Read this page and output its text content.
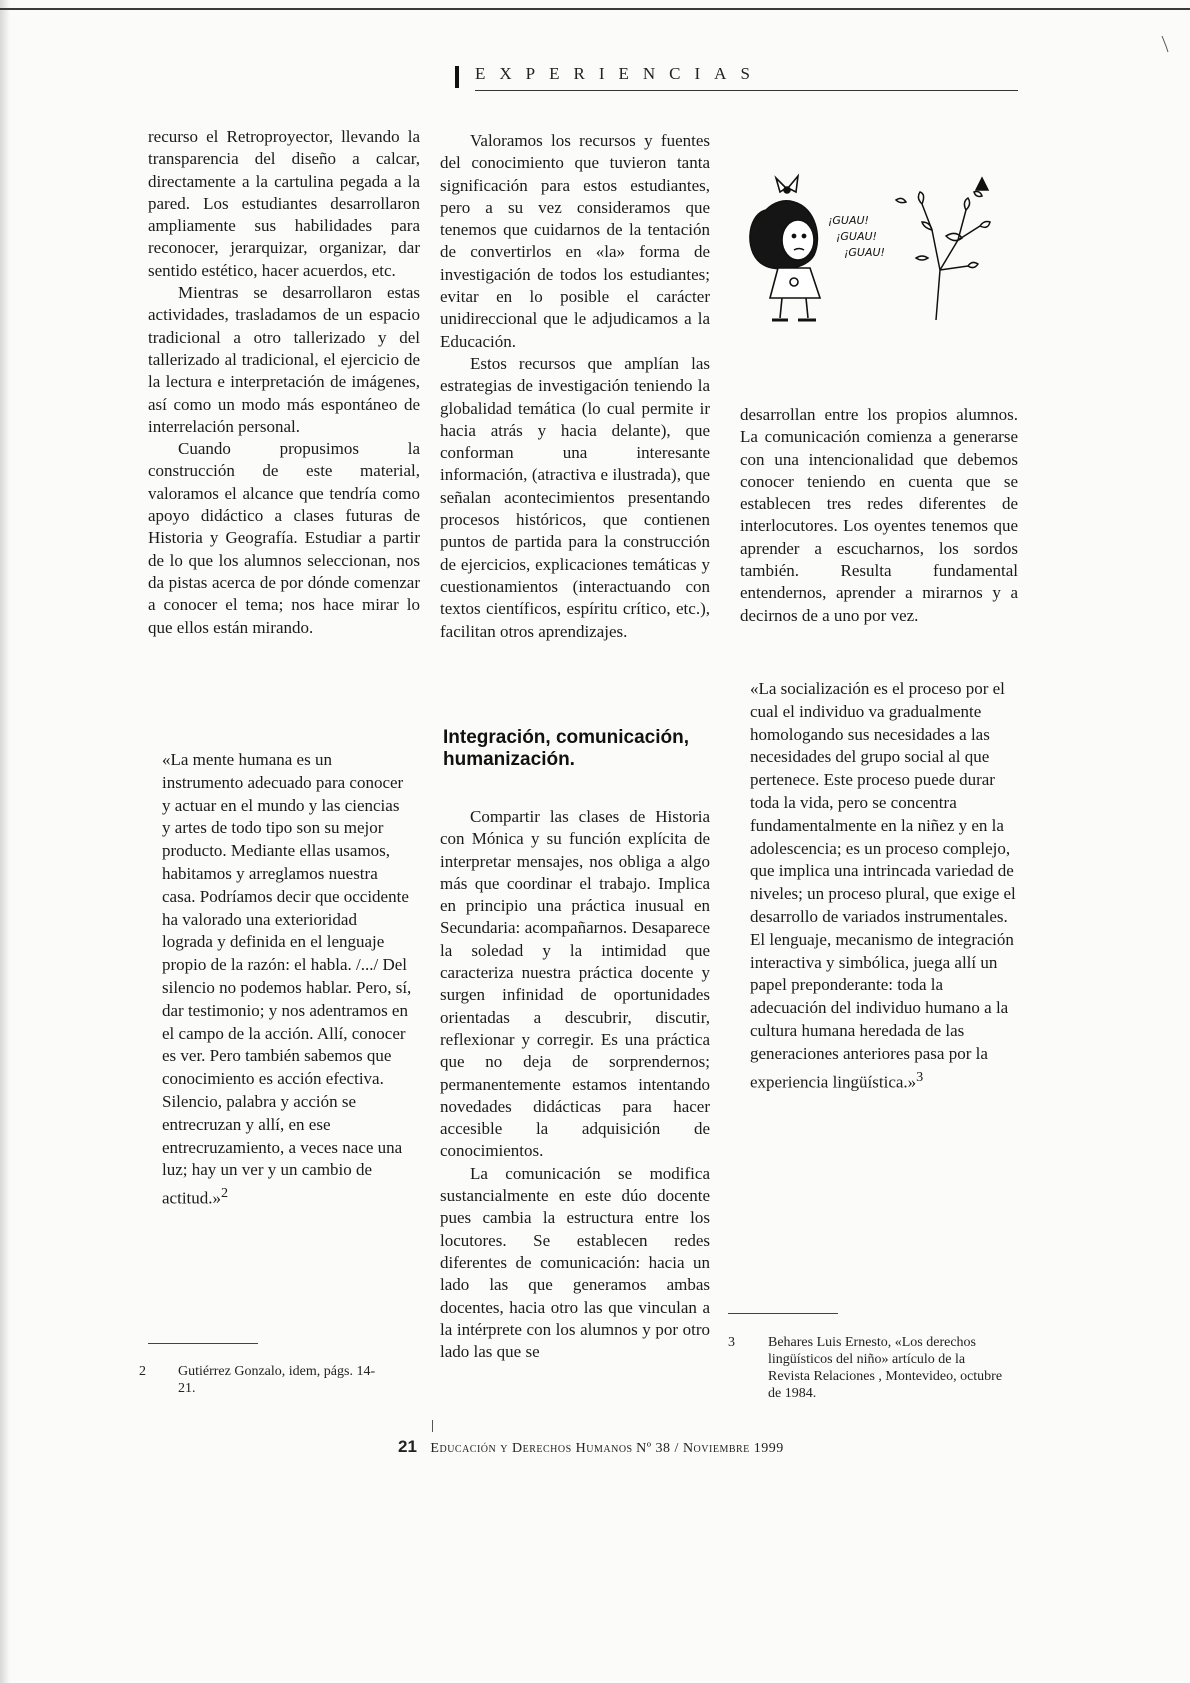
EXPERIENCIAS

recurso el Retroproyector, llevando la transparencia del diseño a calcar, directamente a la cartulina pegada a la pared. Los estudiantes desarrollaron ampliamente sus habilidades para reconocer, jerarquizar, organizar, dar sentido estético, hacer acuerdos, etc.

Mientras se desarrollaron estas actividades, trasladamos de un espacio tradicional a otro tallerizado y del tallerizado al tradicional, el ejercicio de la lectura e interpretación de imágenes, así como un modo más espontáneo de interrelación personal.

Cuando propusimos la construcción de este material, valoramos el alcance que tendría como apoyo didáctico a clases futuras de Historia y Geografía. Estudiar a partir de lo que los alumnos seleccionan, nos da pistas acerca de por dónde comenzar a conocer el tema; nos hace mirar lo que ellos están mirando.

«La mente humana es un instrumento adecuado para conocer y actuar en el mundo y las ciencias y artes de todo tipo son su mejor producto. Mediante ellas usamos, habitamos y arreglamos nuestra casa. Podríamos decir que occidente ha valorado una exterioridad lograda y definida en el lenguaje propio de la razón: el habla. /.../ Del silencio no podemos hablar. Pero, sí, dar testimonio; y nos adentramos en el campo de la acción. Allí, conocer es ver. Pero también sabemos que conocimiento es acción efectiva. Silencio, palabra y acción se entrecruzan y allí, en ese entrecruzamiento, a veces nace una luz; hay un ver y un cambio de actitud.»$^2$

Valoramos los recursos y fuentes del conocimiento que tuvieron tanta significación para estos estudiantes, pero a su vez consideramos que tenemos que cuidarnos de la tentación de convertirlos en «la» forma de investigación de todos los estudiantes; evitar en lo posible el carácter unidireccional que le adjudicamos a la Educación.

Estos recursos que amplían las estrategias de investigación teniendo la globalidad temática (lo cual permite ir hacia atrás y hacia delante), que conforman una interesante información, (atractiva e ilustrada), que señalan acontecimientos presentando procesos históricos, que contienen puntos de partida para la construcción de ejercicios, explicaciones temáticas y cuestionamientos (interactuando con textos científicos, espíritu crítico, etc.), facilitan otros aprendizajes.

Integración, comunicación, humanización.

Compartir las clases de Historia con Mónica y su función explícita de interpretar mensajes, nos obliga a algo más que coordinar el trabajo. Implica en principio una práctica inusual en Secundaria: acompañarnos. Desaparece la soledad y la intimidad que caracteriza nuestra práctica docente y surgen infinidad de oportunidades orientadas a descubrir, discutir, reflexionar y corregir. Es una práctica que no deja de sorprendernos; permanentemente estamos intentando novedades didácticas para hacer accesible la adquisición de conocimientos.

La comunicación se modifica sustancialmente en este dúo docente pues cambia la estructura entre los locutores. Se establecen redes diferentes de comunicación: hacia un lado las que generamos ambas docentes, hacia otro las que vinculan a la intérprete con los alumnos y por otro lado las que se

¡GUAU!
¡GUAU!
¡GUAU!

desarrollan entre los propios alumnos. La comunicación comienza a generarse con una intencionalidad que debemos conocer teniendo en cuenta que se establecen tres redes diferentes de interlocutores. Los oyentes tenemos que aprender a escucharnos, los sordos también. Resulta fundamental entendernos, aprender a mirarnos y a decirnos de a uno por vez.

«La socialización es el proceso por el cual el individuo va gradualmente homologando sus necesidades a las necesidades del grupo social al que pertenece. Este proceso puede durar toda la vida, pero se concentra fundamentalmente en la niñez y en la adolescencia; es un proceso complejo, que implica una intrincada variedad de niveles; un proceso plural, que exige el desarrollo de variados instrumentales. El lenguaje, mecanismo de integración interactiva y simbólica, juega allí un papel preponderante: toda la adecuación del individuo humano a la cultura humana heredada de las generaciones anteriores pasa por la experiencia lingüística.»$^3$
2 Gutiérrez Gonzalo, idem, págs. 14-21.
3 Behares Luis Ernesto, «Los derechos lingüísticos del niño» artículo de la Revista Relaciones , Montevideo, octubre de 1984.
21 Educación y Derechos Humanos Nº 38 / Noviembre 1999
